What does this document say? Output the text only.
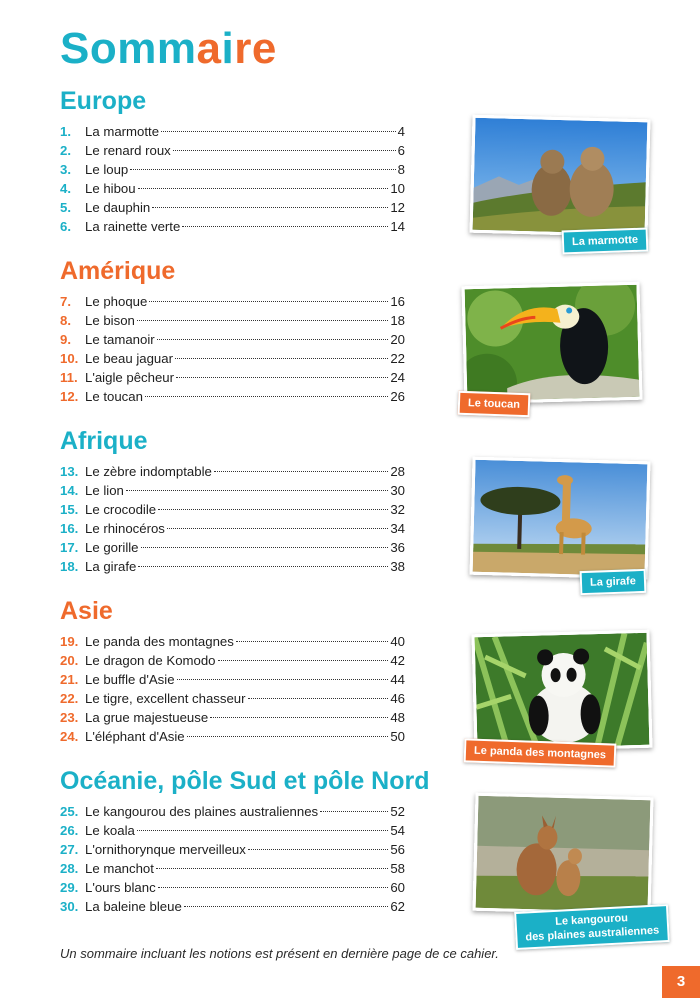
Sommaire
Europe
1.	La marmotte	4
2.	Le renard roux	6
3.	Le loup	8
4.	Le hibou	10
5.	Le dauphin	12
6.	La rainette verte	14
Amérique
7.	Le phoque	16
8.	Le bison	18
9.	Le tamanoir	20
10. Le beau jaguar	22
11. L'aigle pêcheur	24
12. Le toucan	26
Afrique
13. Le zèbre indomptable	28
14. Le lion	30
15. Le crocodile	32
16. Le rhinocéros	34
17. Le gorille	36
18. La girafe	38
Asie
19. Le panda des montagnes	40
20. Le dragon de Komodo	42
21. Le buffle d'Asie	44
22. Le tigre, excellent chasseur	46
23. La grue majestueuse	48
24. L'éléphant d'Asie	50
Océanie, pôle Sud et pôle Nord
25. Le kangourou des plaines australiennes	52
26. Le koala	54
27. L'ornithorynque merveilleux	56
28. Le manchot	58
29. L'ours blanc	60
30. La baleine bleue	62
La marmotte
Le toucan
La girafe
Le panda des montagnes
Le kangourou
des plaines australiennes
Un sommaire incluant les notions est présent en dernière page de ce cahier.
3
